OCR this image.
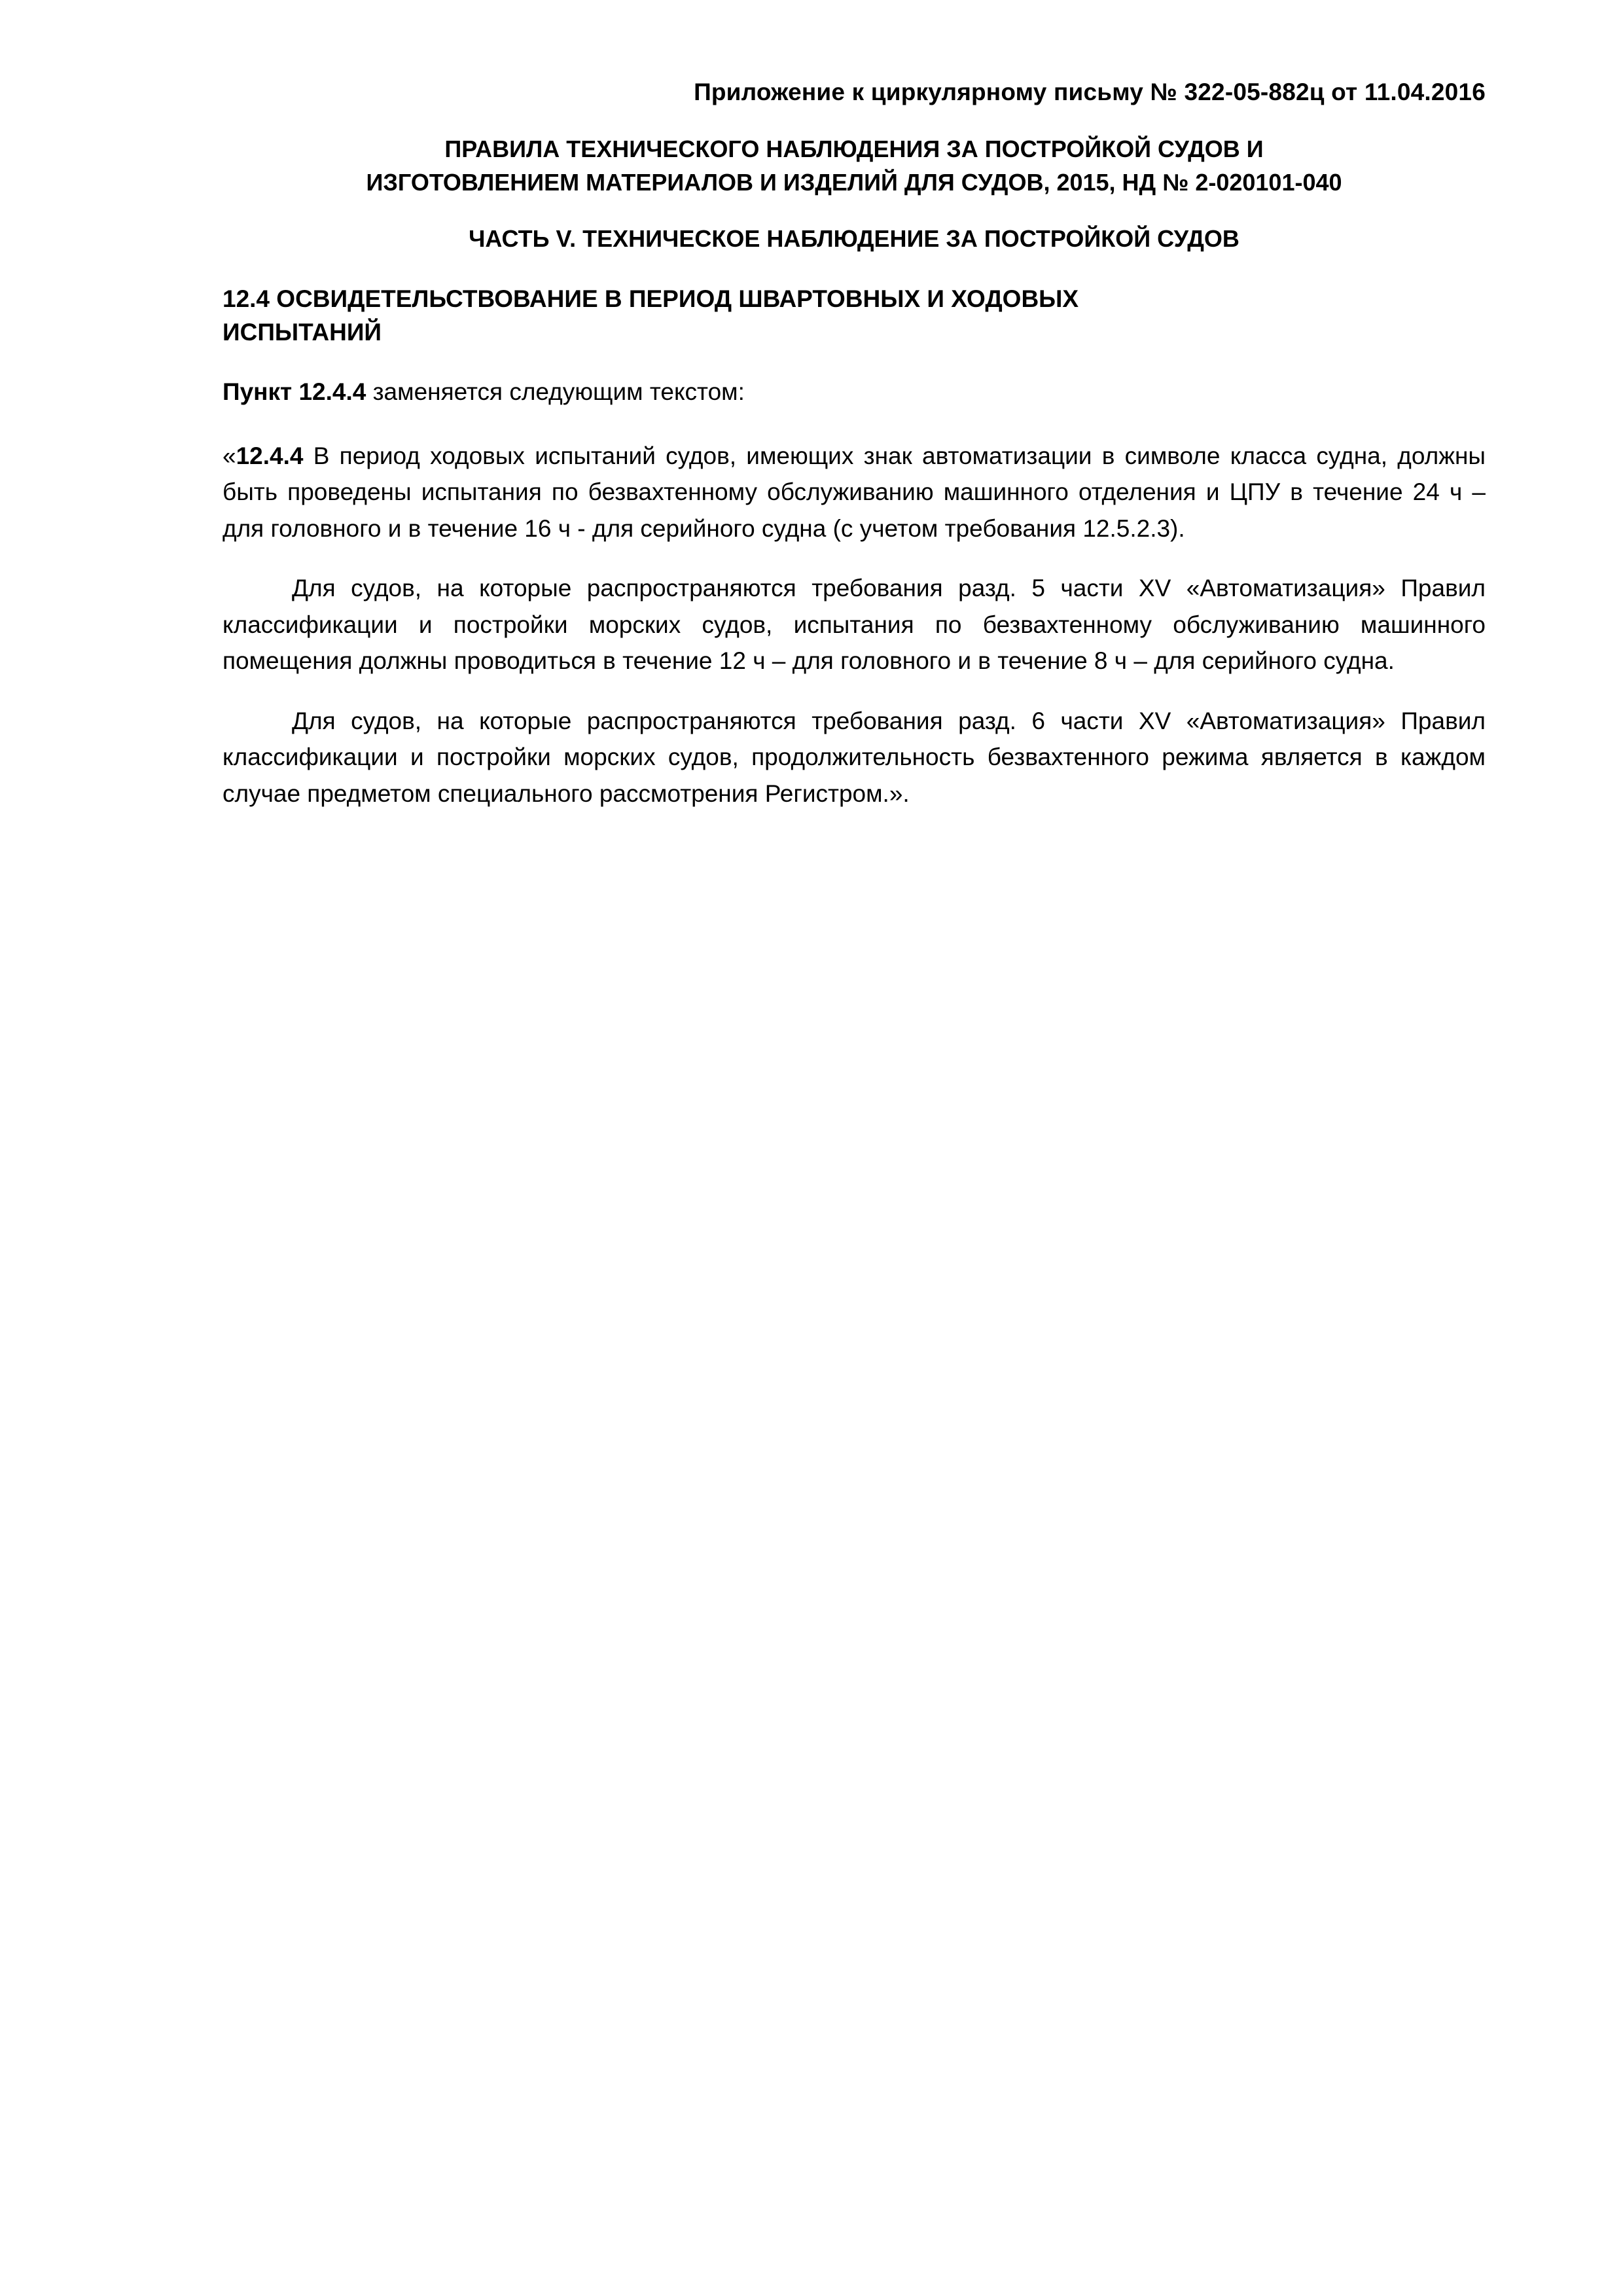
Приложение к циркулярному письму № 322-05-882ц от 11.04.2016
ПРАВИЛА ТЕХНИЧЕСКОГО НАБЛЮДЕНИЯ ЗА ПОСТРОЙКОЙ СУДОВ И
ИЗГОТОВЛЕНИЕМ МАТЕРИАЛОВ И ИЗДЕЛИЙ ДЛЯ СУДОВ, 2015, НД № 2-020101-040
ЧАСТЬ V. ТЕХНИЧЕСКОЕ НАБЛЮДЕНИЕ ЗА ПОСТРОЙКОЙ СУДОВ
12.4 ОСВИДЕТЕЛЬСТВОВАНИЕ В ПЕРИОД ШВАРТОВНЫХ И ХОДОВЫХ
ИСПЫТАНИЙ
Пункт 12.4.4 заменяется следующим текстом:

«12.4.4 В период ходовых испытаний судов, имеющих знак автоматизации в символе класса судна, должны быть проведены испытания по безвахтенному обслуживанию машинного отделения и ЦПУ в течение 24 ч – для головного и в течение 16 ч - для серийного судна (с учетом требования 12.5.2.3).

Для судов, на которые распространяются требования разд. 5 части XV «Автоматизация» Правил классификации и постройки морских судов, испытания по безвахтенному обслуживанию машинного помещения должны проводиться в течение 12 ч – для головного и в течение 8 ч – для серийного судна.

Для судов, на которые распространяются требования разд. 6 части XV «Автоматизация» Правил классификации и постройки морских судов, продолжительность безвахтенного режима является в каждом случае предметом специального рассмотрения Регистром.».
